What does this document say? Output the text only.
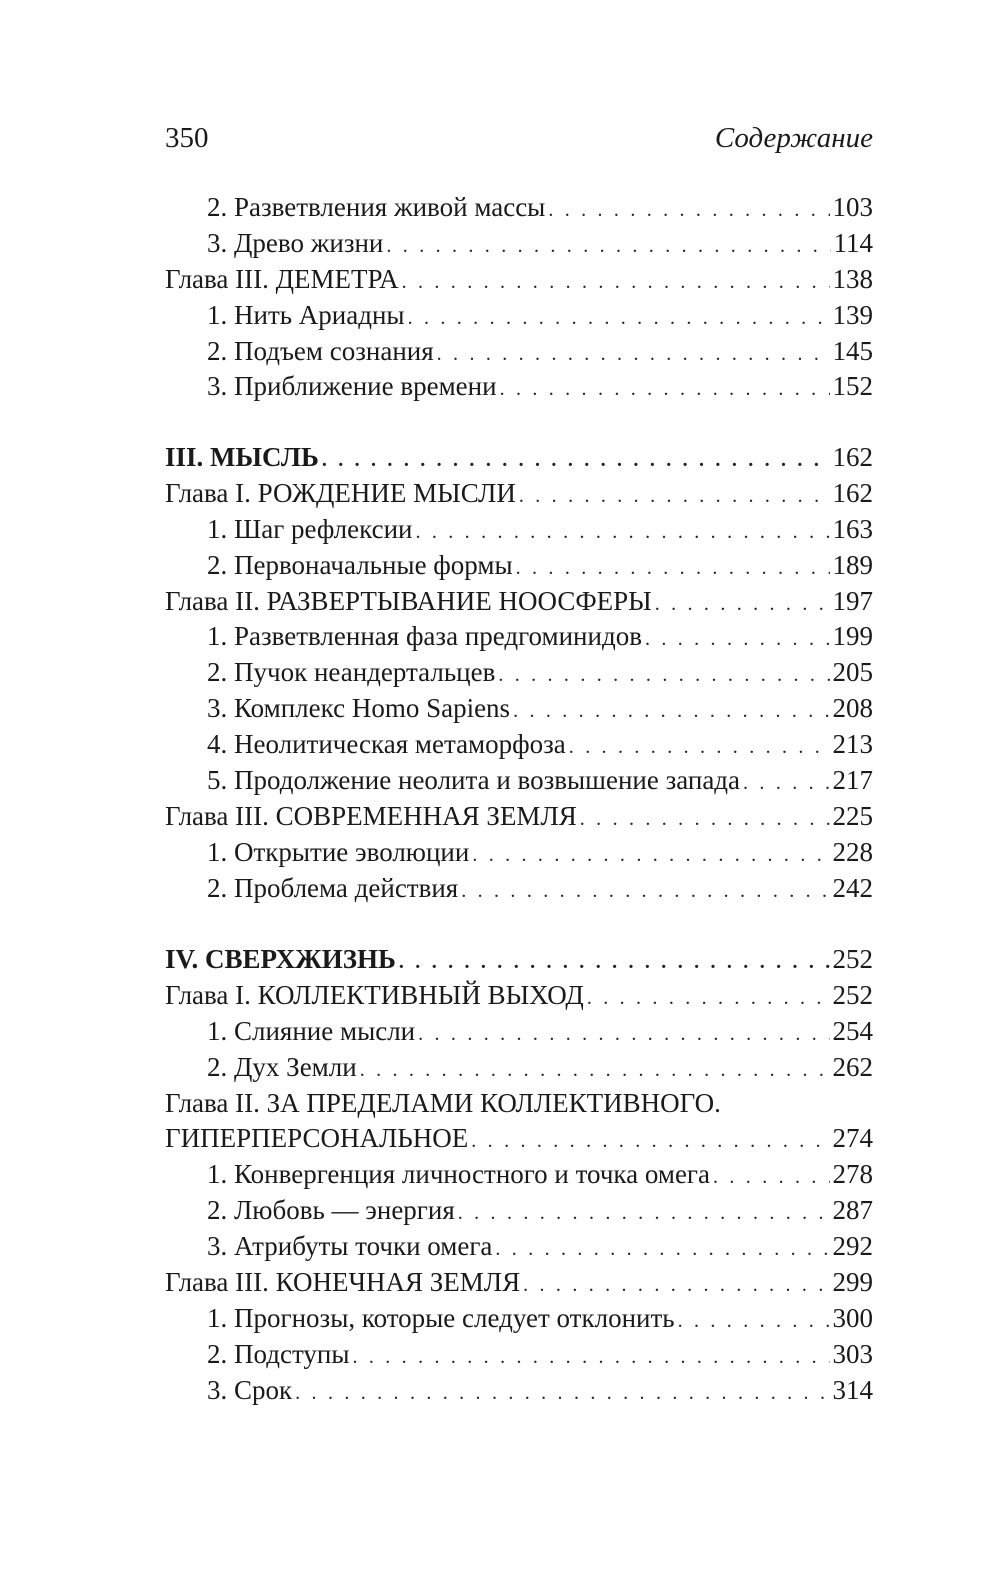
350	Содержание
2. Разветвления живой массы . . .	103
3. Древо жизни . . .	114
Глава III. ДЕМЕТРА . . .	138
1. Нить Ариадны . . .	139
2. Подъем сознания . . .	145
3. Приближение времени . . .	152
III. МЫСЛЬ . . .	162
Глава I. РОЖДЕНИЕ МЫСЛИ . . .	162
1. Шаг рефлексии . . .	163
2. Первоначальные формы . . .	189
Глава II. РАЗВЕРТЫВАНИЕ НООСФЕРЫ . . .	197
1. Разветвленная фаза предгоминидов . . .	199
2. Пучок неандертальцев . . .	205
3. Комплекс Homo Sapiens . . .	208
4. Неолитическая метаморфоза . . .	213
5. Продолжение неолита и возвышение запада . . .	217
Глава III. СОВРЕМЕННАЯ ЗЕМЛЯ . . .	225
1. Открытие эволюции . . .	228
2. Проблема действия . . .	242
IV. СВЕРХЖИЗНЬ . . .	252
Глава I. КОЛЛЕКТИВНЫЙ ВЫХОД . . .	252
1. Слияние мысли . . .	254
2. Дух Земли . . .	262
Глава II. ЗА ПРЕДЕЛАМИ КОЛЛЕКТИВНОГО.
ГИПЕРПЕРСОНАЛЬНОЕ . . .	274
1. Конвергенция личностного и точка омега . . .	278
2. Любовь — энергия . . .	287
3. Атрибуты точки омега . . .	292
Глава III. КОНЕЧНАЯ ЗЕМЛЯ . . .	299
1. Прогнозы, которые следует отклонить . . .	300
2. Подступы . . .	303
3. Срок . . .	314
